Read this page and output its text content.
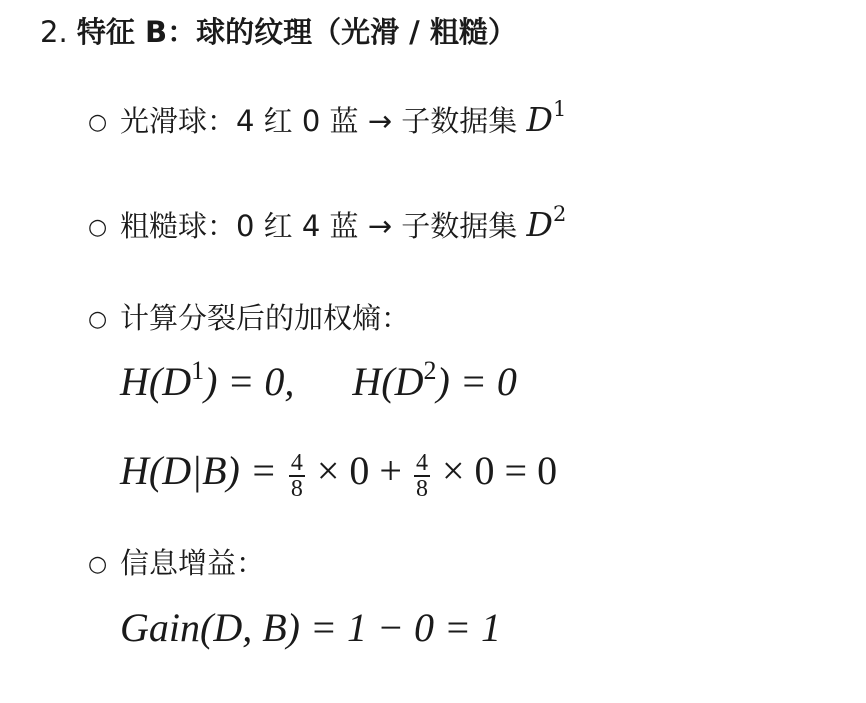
2. 特征 B：球的纹理（光滑 / 粗糙）
○ 光滑球：4 红 0 蓝 → 子数据集 $D^1$
○ 粗糙球：0 红 4 蓝 → 子数据集 $D^2$
○ 计算分裂后的加权熵：
$H(D^1) = 0$, $H(D^2) = 0$
$H(D|B) = \frac{4}{8} \times 0 + \frac{4}{8} \times 0 = 0$
○ 信息增益：
Gain(D, B) = 1 − 0 = 1
